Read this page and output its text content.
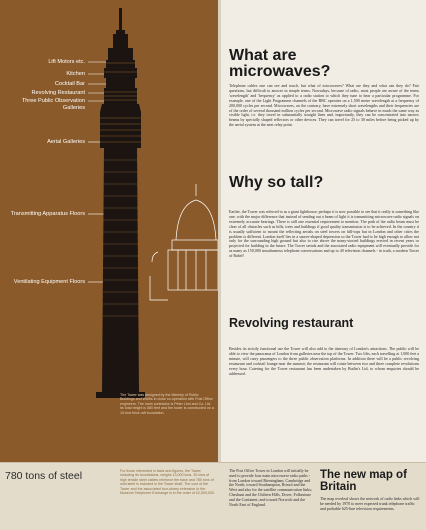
Lift Motors etc.
Kitchen
Cocktail Bar
Revolving Restaurant
Three Public Observation Galleries
Aerial Galleries
Transmitting Apparatus Floors
Ventilating Equipment Floors
The Tower was designed by the Ministry of Public Buildings and Works in close co-operation with Post Office engineers. The main contractor is Peter Lind and Co. Ltd. Its total height is 580 feet and the tower is constructed on a 10-foot thick raft foundation.
What are microwaves?
Telephone cables one can see and touch, but what of microwaves? What are they and what can they do? Fair questions, but difficult to answer in simple terms. Nowadays, because of radio, most people are aware of the terms 'wavelength' and 'frequency' as applied to a radio station to which they tune to hear a particular programme. For example, one of the Light Programme channels of the BBC operates on a 1,500 metre wavelength at a frequency of 200,000 cycles per second. Microwaves, on the contrary, have extremely short wavelengths and their frequencies are of the order of several thousand million cycles per second. Microwave radio signals behave in much the same way as visible light, i.e. they travel in substantially straight lines and, importantly, they can be concentrated into narrow beams by specially shaped reflectors or other devices. They can travel for 25 to 30 miles before being picked up by the aerial system at the next relay point.
Why so tall?
Earlier, the Tower was referred to as a giant lighthouse; perhaps it is now possible to see that it really is something like one, with the major difference that instead of sending out a beam of light it is transmitting microwave radio signals on extremely accurate bearings. There is still one essential requirement to mention. The path of the radio beam must be clear of all obstacles such as hills, trees and buildings if good quality transmission is to be achieved. In the country it is usually sufficient to mount the reflecting aerials on steel towers on hill-tops but in London and other cities the problem is different. London itself lies in a saucer-shaped depression so the Tower had to be high enough to allow not only for the surrounding high ground but also to rise above the many-storied buildings erected in recent years or projected for building in the future. The Tower serials and the associated radio equipment will eventually provide for as many as 150,000 simultaneous telephone conversations and up to 40 television channels - in truth, a modern Tower of Babel!
Revolving restaurant
Besides its strictly functional use the Tower will also add to the itinerary of London's attractions. The public will be able to view the panorama of London from galleries near the top of the Tower. Two lifts, each travelling at 1,000 feet a minute, will carry passengers to the three public observation platforms. In addition there will be a public revolving restaurant and cocktail lounge near the summit; the restaurant will rotate between two and three complete revolutions every hour. Catering for the Tower restaurant has been undertaken by Butlin's Ltd, to whom enquiries should be addressed.
780 tons of steel	For those interested in facts and figures, the Tower, including its foundations, weighs 13,000 tons. 30 tons of high tensile steel cables reinforce the base and 780 tons of mild steel is included in the Tower shaft. The cost of the Tower and the associated four-storey extension to the Museum Telephone Exchange is in the order of £2,500,000.
The Post Office Tower in London will initially be used to provide four main microwave radio paths - from London toward Birmingham, Cambridge and the North; toward Southampton, Bristol and the West and also for the satellite communication links; Cheshunt and the Chiltern Hills, Dover, Folkestone and the Continent; and toward Norwich and the North East of England.
The new map of Britain
The map overleaf shows the network of radio links which will be needed by 1970 to meet expected trunk telephone traffic and probable 625-line television requirements.
